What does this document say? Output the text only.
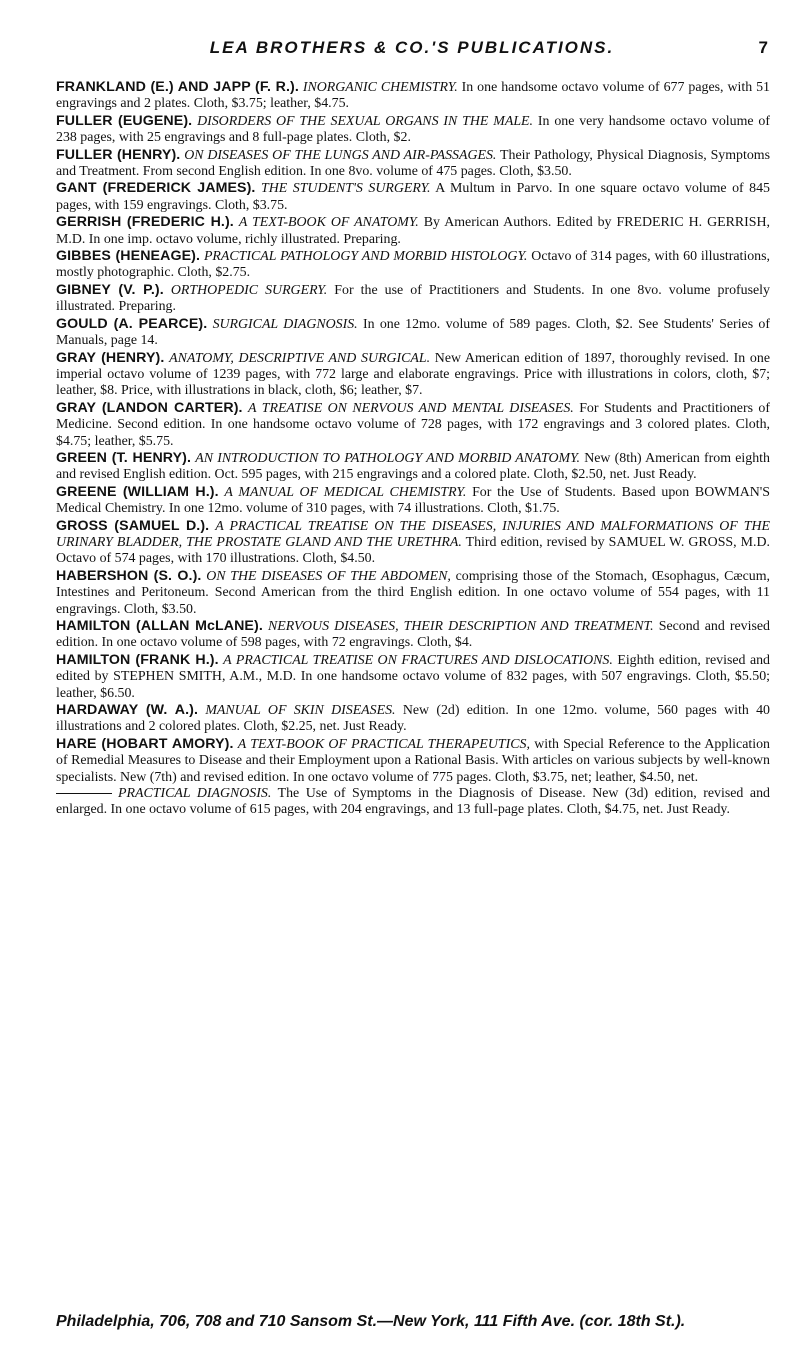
LEA BROTHERS & CO.'S PUBLICATIONS.	7

FRANKLAND (E.) AND JAPP (F. R.). INORGANIC CHEMISTRY. In one handsome octavo volume of 677 pages, with 51 engravings and 2 plates. Cloth, $3.75; leather, $4.75.

FULLER (EUGENE). DISORDERS OF THE SEXUAL ORGANS IN THE MALE. In one very handsome octavo volume of 238 pages, with 25 engravings and 8 full-page plates. Cloth, $2.

FULLER (HENRY). ON DISEASES OF THE LUNGS AND AIR-PASSAGES. Their Pathology, Physical Diagnosis, Symptoms and Treatment. From second English edition. In one 8vo. volume of 475 pages. Cloth, $3.50.

GANT (FREDERICK JAMES). THE STUDENT'S SURGERY. A Multum in Parvo. In one square octavo volume of 845 pages, with 159 engravings. Cloth, $3.75.

GERRISH (FREDERIC H.). A TEXT-BOOK OF ANATOMY. By American Authors. Edited by FREDERIC H. GERRISH, M.D. In one imp. octavo volume, richly illustrated. Preparing.

GIBBES (HENEAGE). PRACTICAL PATHOLOGY AND MORBID HISTOLOGY. Octavo of 314 pages, with 60 illustrations, mostly photographic. Cloth, $2.75.

GIBNEY (V. P.). ORTHOPEDIC SURGERY. For the use of Practitioners and Students. In one 8vo. volume profusely illustrated. Preparing.

GOULD (A. PEARCE). SURGICAL DIAGNOSIS. In one 12mo. volume of 589 pages. Cloth, $2. See Students' Series of Manuals, page 14.

GRAY (HENRY). ANATOMY, DESCRIPTIVE AND SURGICAL. New American edition of 1897, thoroughly revised. In one imperial octavo volume of 1239 pages, with 772 large and elaborate engravings. Price with illustrations in colors, cloth, $7; leather, $8. Price, with illustrations in black, cloth, $6; leather, $7.

GRAY (LANDON CARTER). A TREATISE ON NERVOUS AND MENTAL DISEASES. For Students and Practitioners of Medicine. Second edition. In one handsome octavo volume of 728 pages, with 172 engravings and 3 colored plates. Cloth, $4.75; leather, $5.75.

GREEN (T. HENRY). AN INTRODUCTION TO PATHOLOGY AND MORBID ANATOMY. New (8th) American from eighth and revised English edition. Oct. 595 pages, with 215 engravings and a colored plate. Cloth, $2.50, net. Just Ready.

GREENE (WILLIAM H.). A MANUAL OF MEDICAL CHEMISTRY. For the Use of Students. Based upon BOWMAN'S Medical Chemistry. In one 12mo. volume of 310 pages, with 74 illustrations. Cloth, $1.75.

GROSS (SAMUEL D.). A PRACTICAL TREATISE ON THE DISEASES, INJURIES AND MALFORMATIONS OF THE URINARY BLADDER, THE PROSTATE GLAND AND THE URETHRA. Third edition, revised by SAMUEL W. GROSS, M.D. Octavo of 574 pages, with 170 illustrations. Cloth, $4.50.

HABERSHON (S. O.). ON THE DISEASES OF THE ABDOMEN, comprising those of the Stomach, Œsophagus, Cæcum, Intestines and Peritoneum. Second American from the third English edition. In one octavo volume of 554 pages, with 11 engravings. Cloth, $3.50.

HAMILTON (ALLAN McLANE). NERVOUS DISEASES, THEIR DESCRIPTION AND TREATMENT. Second and revised edition. In one octavo volume of 598 pages, with 72 engravings. Cloth, $4.

HAMILTON (FRANK H.). A PRACTICAL TREATISE ON FRACTURES AND DISLOCATIONS. Eighth edition, revised and edited by STEPHEN SMITH, A.M., M.D. In one handsome octavo volume of 832 pages, with 507 engravings. Cloth, $5.50; leather, $6.50.

HARDAWAY (W. A.). MANUAL OF SKIN DISEASES. New (2d) edition. In one 12mo. volume, 560 pages with 40 illustrations and 2 colored plates. Cloth, $2.25, net. Just Ready.

HARE (HOBART AMORY). A TEXT-BOOK OF PRACTICAL THERAPEUTICS, with Special Reference to the Application of Remedial Measures to Disease and their Employment upon a Rational Basis. With articles on various subjects by well-known specialists. New (7th) and revised edition. In one octavo volume of 775 pages. Cloth, $3.75, net; leather, $4.50, net.

PRACTICAL DIAGNOSIS. The Use of Symptoms in the Diagnosis of Disease. New (3d) edition, revised and enlarged. In one octavo volume of 615 pages, with 204 engravings, and 13 full-page plates. Cloth, $4.75, net. Just Ready.

Philadelphia, 706, 708 and 710 Sansom St.—New York, 111 Fifth Ave. (cor. 18th St.).
